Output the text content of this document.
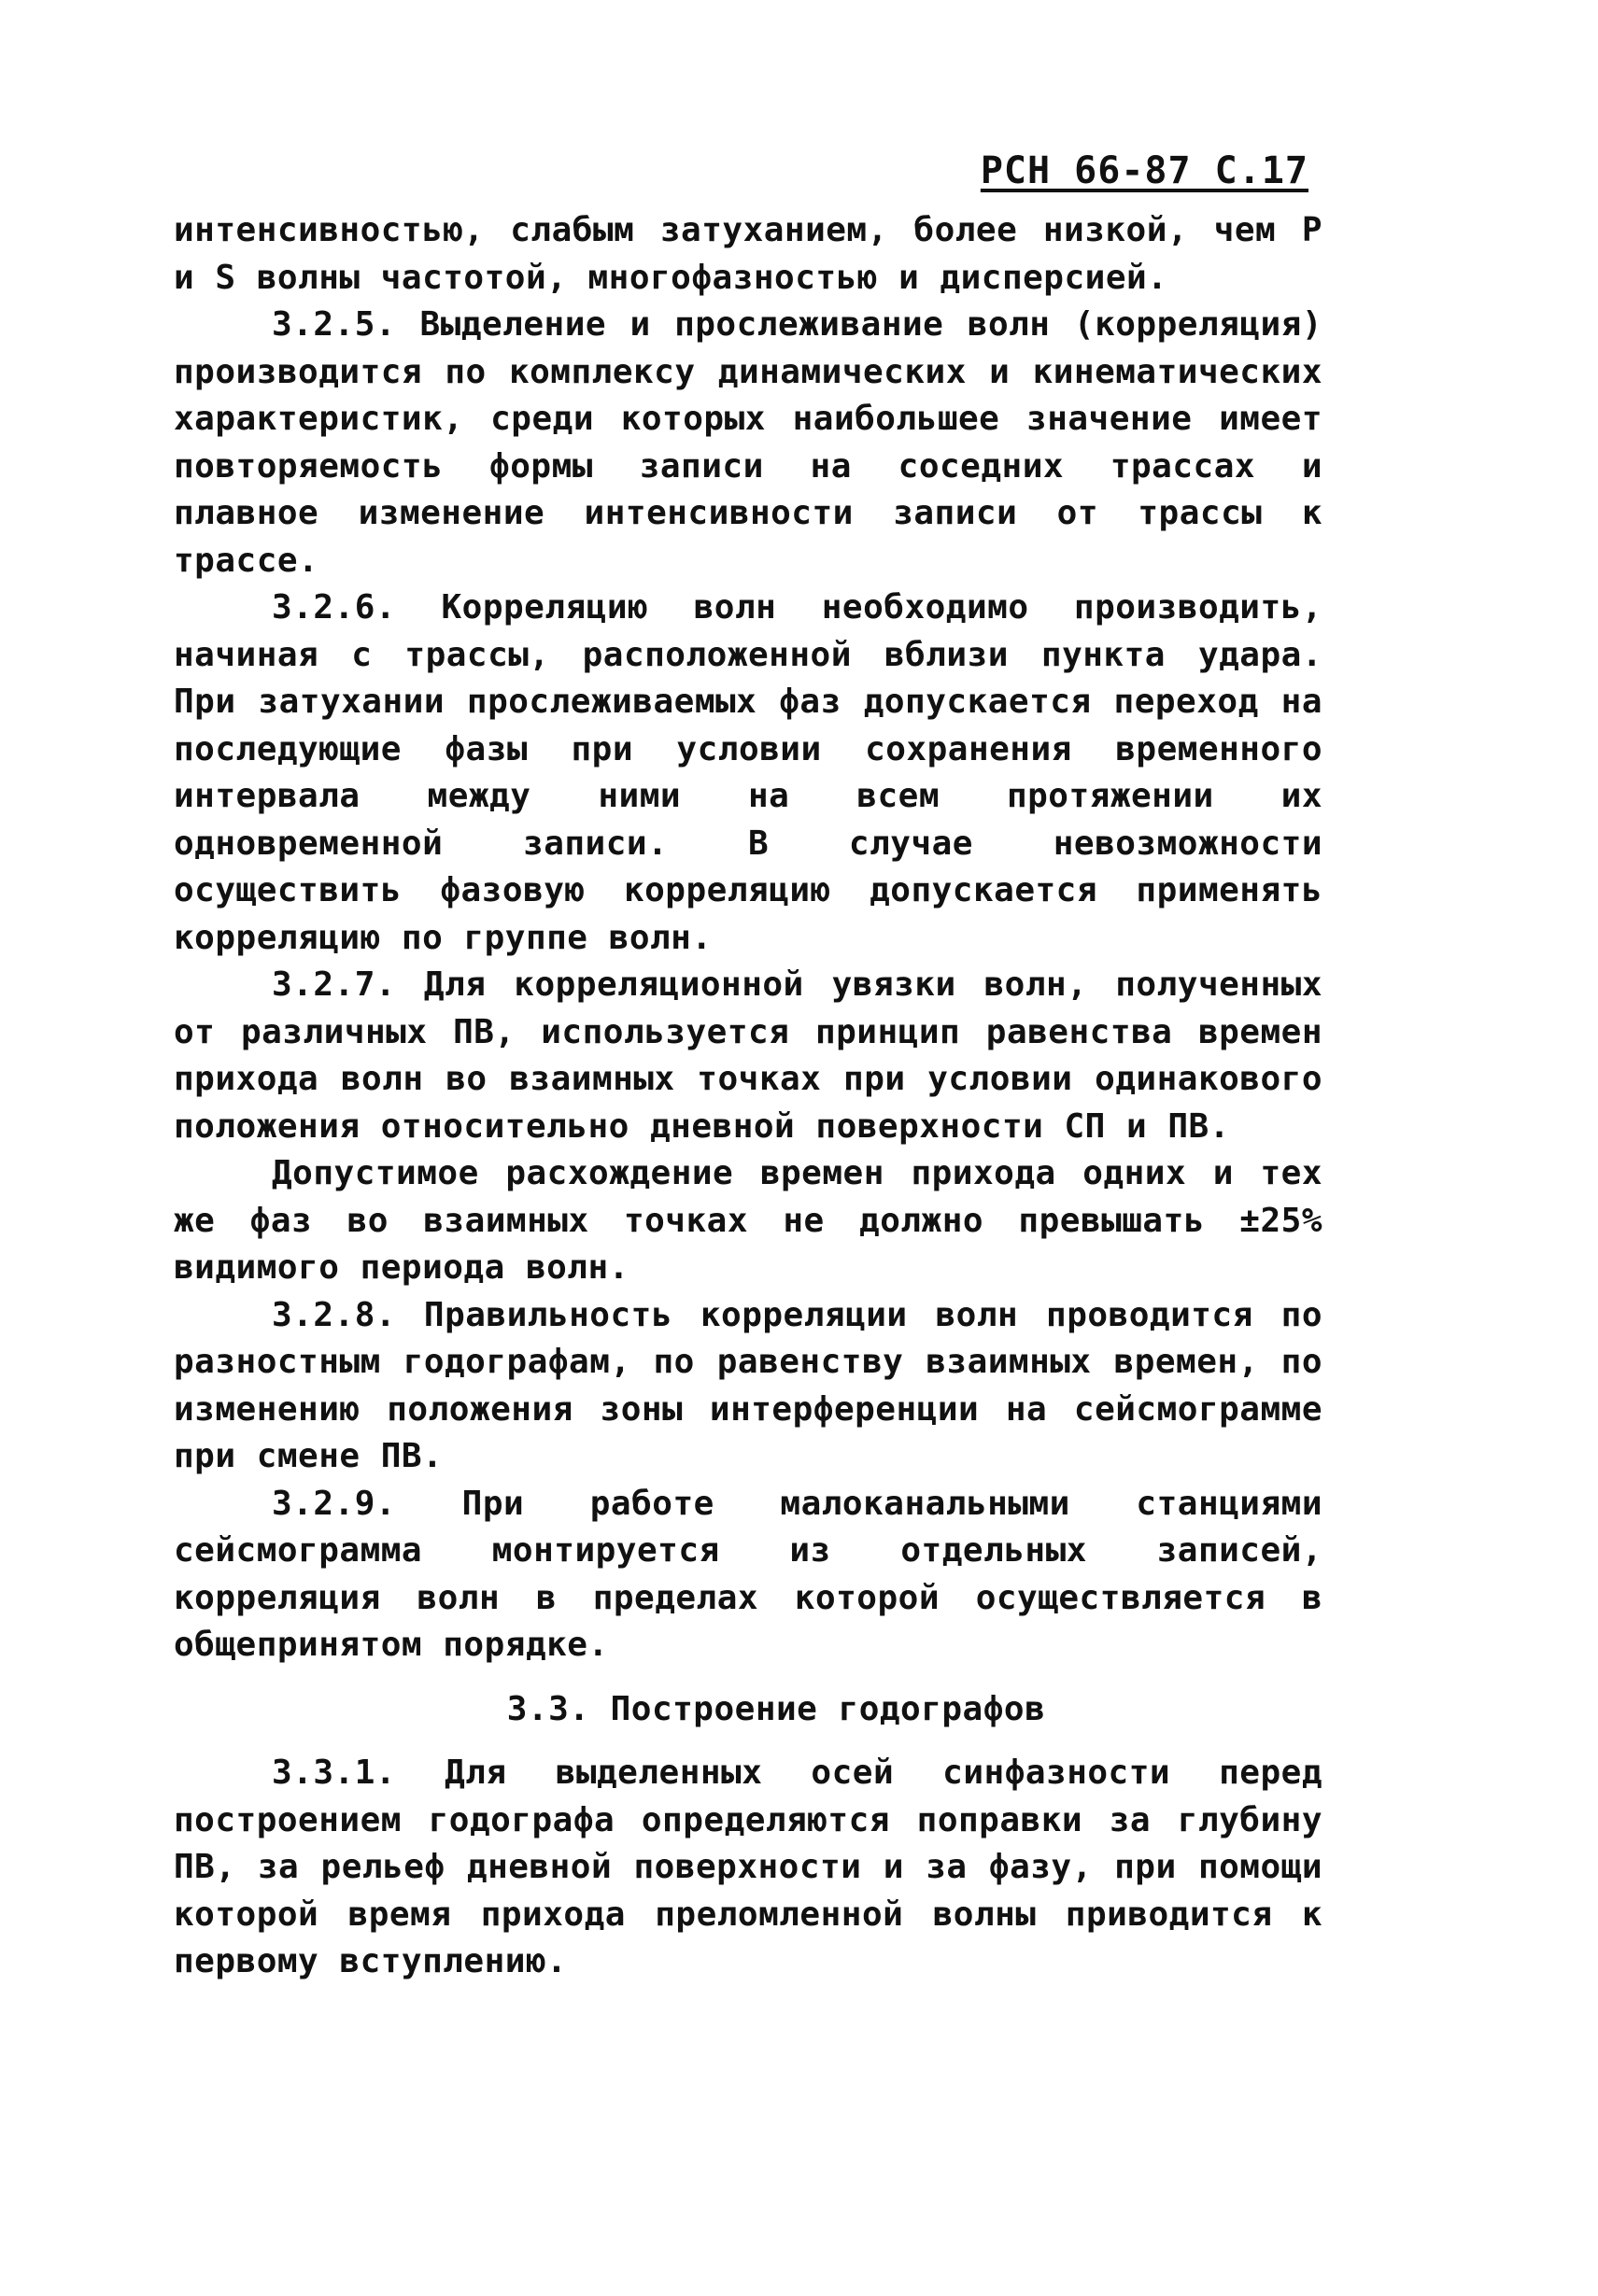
РСН 66-87 С.17

интенсивностью, слабым затуханием, более низкой, чем P и S волны частотой, многофазностью и дисперсией.

3.2.5. Выделение и прослеживание волн (корреляция) производится по комплексу динамических и кинематических характеристик, среди которых наибольшее значение имеет повторяемость формы записи на соседних трассах и плавное изменение интенсивности записи от трассы к трассе.

3.2.6. Корреляцию волн необходимо производить, начиная с трассы, расположенной вблизи пункта удара. При затухании прослеживаемых фаз допускается переход на последующие фазы при условии сохранения временного интервала между ними на всем протяжении их одновременной записи. В случае невозможности осуществить фазовую корреляцию допускается применять корреляцию по группе волн.

3.2.7. Для корреляционной увязки волн, полученных от различных ПВ, используется принцип равенства времен прихода волн во взаимных точках при условии одинакового положения относительно дневной поверхности СП и ПВ.

Допустимое расхождение времен прихода одних и тех же фаз во взаимных точках не должно превышать ±25% видимого периода волн.

3.2.8. Правильность корреляции волн проводится по разностным годографам, по равенству взаимных времен, по изменению положения зоны интерференции на сейсмограмме при смене ПВ.

3.2.9. При работе малоканальными станциями сейсмограмма монтируется из отдельных записей, корреляция волн в пределах которой осуществляется в общепринятом порядке.

3.3. Построение годографов

3.3.1. Для выделенных осей синфазности перед построением годографа определяются поправки за глубину ПВ, за рельеф дневной поверхности и за фазу, при помощи которой время прихода преломленной волны приводится к первому вступлению.
